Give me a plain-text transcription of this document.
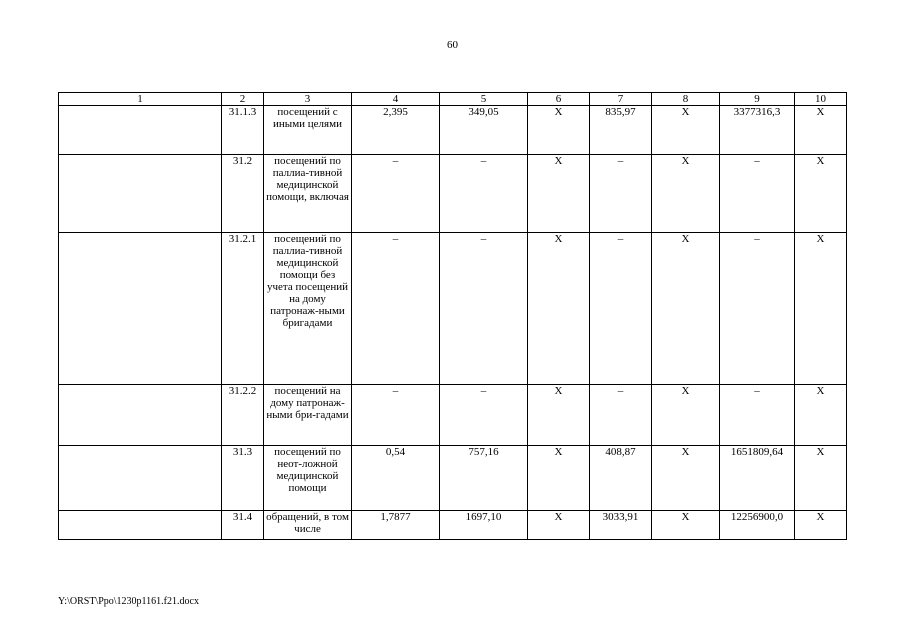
60
1	2	3	4	5	6	7	8	9	10
	31.1.3	посещений с иными целями	2,395	349,05	Х	835,97	Х	3377316,3	Х
	31.2	посещений по паллиа-тивной медицинской помощи, включая	–	–	Х	–	Х	–	Х
	31.2.1	посещений по паллиа-тивной медицинской помощи без учета посещений на дому патронаж-ными бригадами	–	–	Х	–	Х	–	Х
	31.2.2	посещений на дому патронаж-ными бри-гадами	–	–	Х	–	Х	–	Х
	31.3	посещений по неот-ложной медицинской помощи	0,54	757,16	Х	408,87	Х	1651809,64	Х
	31.4	обращений, в том числе	1,7877	1697,10	Х	3033,91	Х	12256900,0	Х
Y:\ORST\Ppo\1230p1161.f21.docx
